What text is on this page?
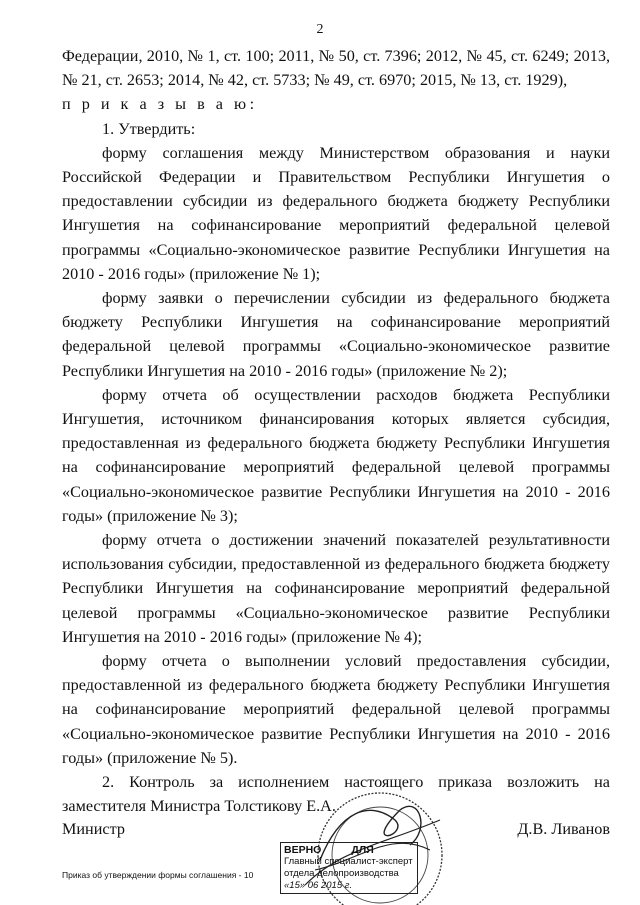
2

Федерации, 2010, № 1, ст. 100; 2011, № 50, ст. 7396; 2012, № 45, ст. 6249; 2013, № 21, ст. 2653; 2014, № 42, ст. 5733; № 49, ст. 6970; 2015, № 13, ст. 1929),

п р и к а з ы в а ю:

1. Утвердить:

форму соглашения между Министерством образования и науки Российской Федерации и Правительством Республики Ингушетия о предоставлении субсидии из федерального бюджета бюджету Республики Ингушетия на софинансирование мероприятий федеральной целевой программы «Социально-экономическое развитие Республики Ингушетия на 2010 - 2016 годы» (приложение № 1);

форму заявки о перечислении субсидии из федерального бюджета бюджету Республики Ингушетия на софинансирование мероприятий федеральной целевой программы «Социально-экономическое развитие Республики Ингушетия на 2010 - 2016 годы» (приложение № 2);

форму отчета об осуществлении расходов бюджета Республики Ингушетия, источником финансирования которых является субсидия, предоставленная из федерального бюджета бюджету Республики Ингушетия на софинансирование мероприятий федеральной целевой программы «Социально-экономическое развитие Республики Ингушетия на 2010 - 2016 годы» (приложение № 3);

форму отчета о достижении значений показателей результативности использования субсидии, предоставленной из федерального бюджета бюджету Республики Ингушетия на софинансирование мероприятий федеральной целевой программы «Социально-экономическое развитие Республики Ингушетия на 2010 - 2016 годы» (приложение № 4);

форму отчета о выполнении условий предоставления субсидии, предоставленной из федерального бюджета бюджету Республики Ингушетия на софинансирование мероприятий федеральной целевой программы «Социально-экономическое развитие Республики Ингушетия на 2010 - 2016 годы» (приложение № 5).

2. Контроль за исполнением настоящего приказа возложить на заместителя Министра Толстикову Е.А.

Министр	Д.В. Ливанов
ВЕРНО	ДЛЯ
Главный специалист-эксперт
отдела делопроизводства
«15» 06 2015 г.
Приказ об утверждении формы соглашения - 10
